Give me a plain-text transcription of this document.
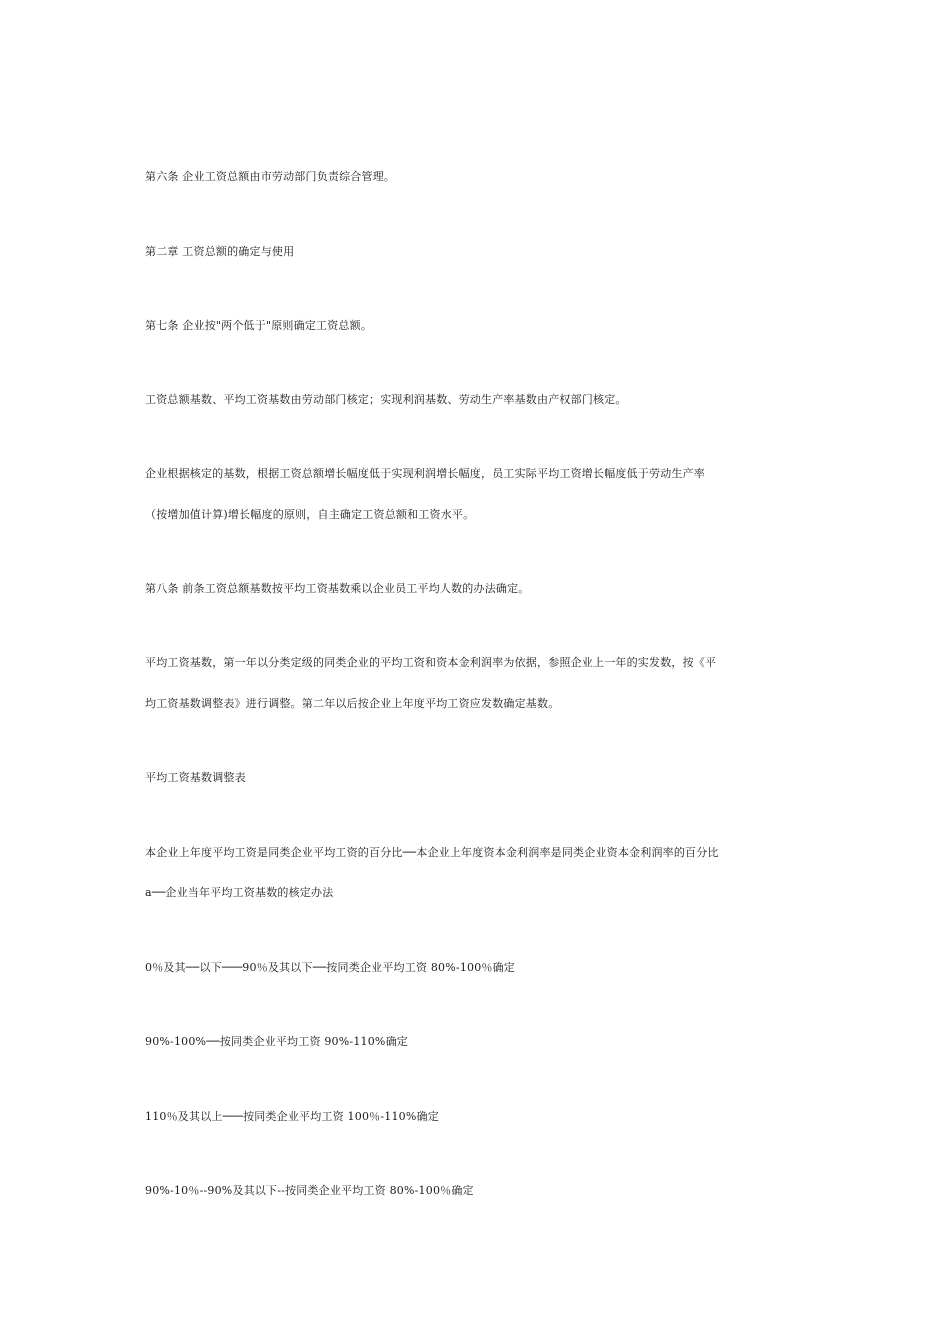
第六条 企业工资总额由市劳动部门负责综合管理。

第二章 工资总额的确定与使用

第七条 企业按"两个低于"原则确定工资总额。

工资总额基数、平均工资基数由劳动部门核定；实现利润基数、劳动生产率基数由产权部门核定。

企业根据核定的基数，根据工资总额增长幅度低于实现利润增长幅度，员工实际平均工资增长幅度低于劳动生产率

（按增加值计算)增长幅度的原则，自主确定工资总额和工资水平。

第八条 前条工资总额基数按平均工资基数乘以企业员工平均人数的办法确定。

平均工资基数，第一年以分类定级的同类企业的平均工资和资本金利润率为依据，参照企业上一年的实发数，按《平

均工资基数调整表》进行调整。第二年以后按企业上年度平均工资应发数确定基数。

平均工资基数调整表

本企业上年度平均工资是同类企业平均工资的百分比──本企业上年度资本金利润率是同类企业资本金利润率的百分比

a──企业当年平均工资基数的核定办法

0％及其──以下───90％及其以下──按同类企业平均工资 80%-100％确定

90%-100%──按同类企业平均工资 90%-110%确定

110％及其以上───按同类企业平均工资 100％-110%确定

90%-10％--90%及其以下--按同类企业平均工资 80%-100％确定
